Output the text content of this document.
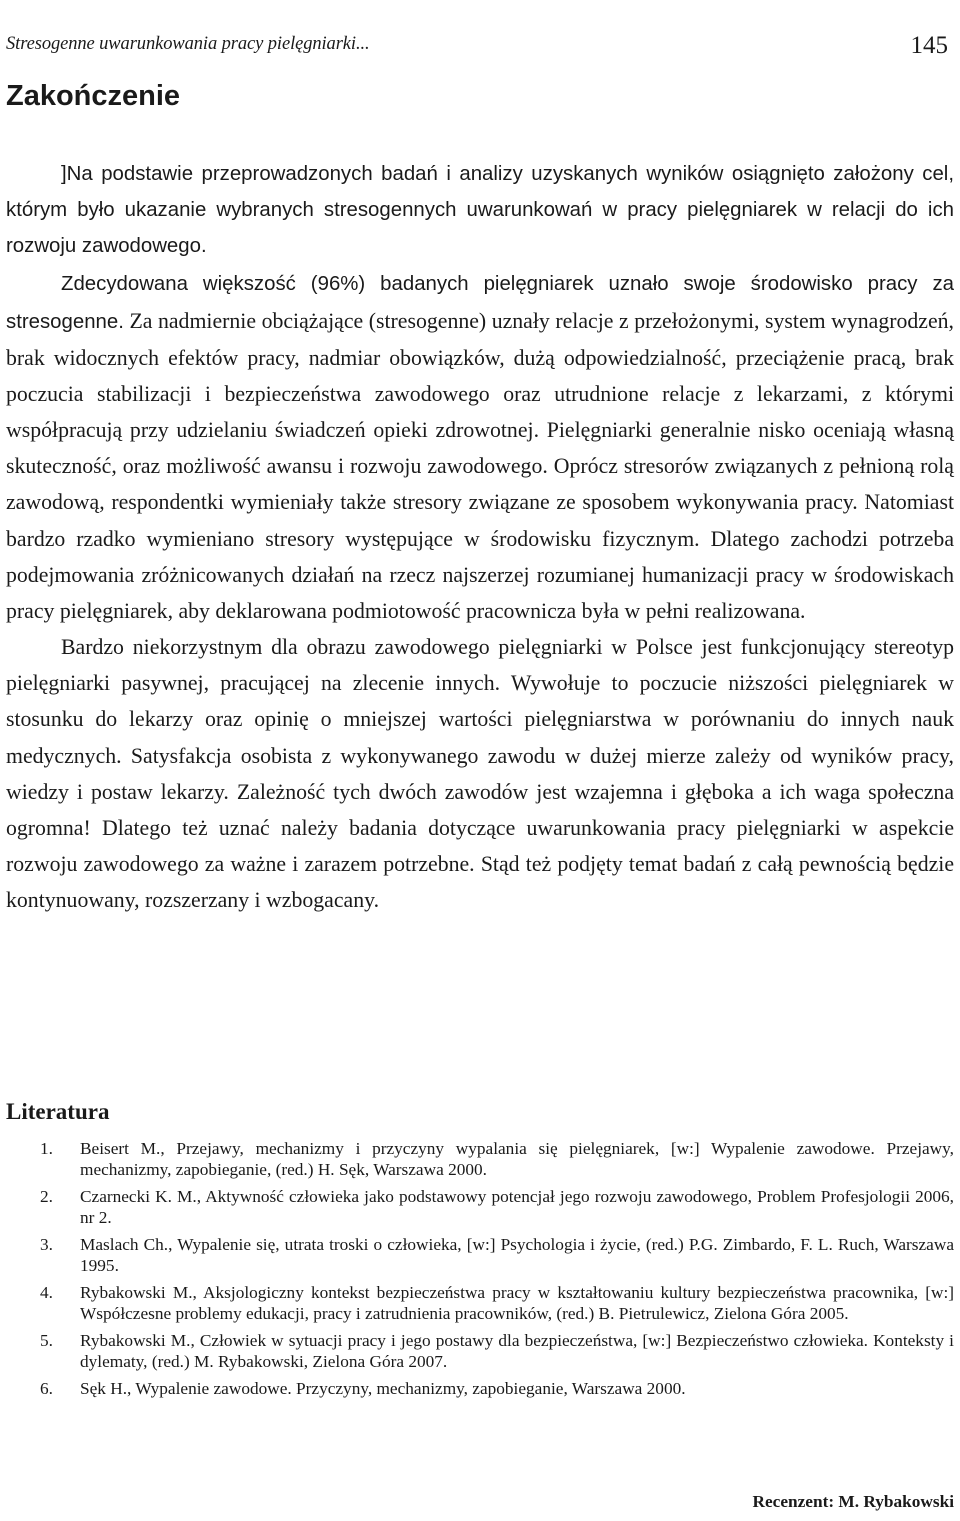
Stresogenne uwarunkowania pracy pielęgniarki...	145
Zakończenie

]Na podstawie przeprowadzonych badań i analizy uzyskanych wyników osiągnięto założony cel, którym było ukazanie wybranych stresogennych uwarunkowań w pracy pielęgniarek w relacji do ich rozwoju zawodowego.

Zdecydowana większość (96%) badanych pielęgniarek uznało swoje środowisko pracy za stresogenne. Za nadmiernie obciążające (stresogenne) uznały relacje z przełożonymi, system wynagrodzeń, brak widocznych efektów pracy, nadmiar obowiązków, dużą odpowiedzialność, przeciążenie pracą, brak poczucia stabilizacji i bezpieczeństwa zawodowego oraz utrudnione relacje z lekarzami, z którymi współpracują przy udzielaniu świadczeń opieki zdrowotnej. Pielęgniarki generalnie nisko oceniają własną skuteczność, oraz możliwość awansu i rozwoju zawodowego. Oprócz stresorów związanych z pełnioną rolą zawodową, respondentki wymieniały także stresory związane ze sposobem wykonywania pracy. Natomiast bardzo rzadko wymieniano stresory występujące w środowisku fizycznym. Dlatego zachodzi potrzeba podejmowania zróżnicowanych działań na rzecz najszerzej rozumianej humanizacji pracy w środowiskach pracy pielęgniarek, aby deklarowana podmiotowość pracownicza była w pełni realizowana.

Bardzo niekorzystnym dla obrazu zawodowego pielęgniarki w Polsce jest funkcjonujący stereotyp pielęgniarki pasywnej, pracującej na zlecenie innych. Wywołuje to poczucie niższości pielęgniarek w stosunku do lekarzy oraz opinię o mniejszej wartości pielęgniarstwa w porównaniu do innych nauk medycznych. Satysfakcja osobista z wykonywanego zawodu w dużej mierze zależy od wyników pracy, wiedzy i postaw lekarzy. Zależność tych dwóch zawodów jest wzajemna i głęboka a ich waga społeczna ogromna! Dlatego też uznać należy badania dotyczące uwarunkowania pracy pielęgniarki w aspekcie rozwoju zawodowego za ważne i zarazem potrzebne. Stąd też podjęty temat badań z całą pewnością będzie kontynuowany, rozszerzany i wzbogacany.

Literatura
1. Beisert M., Przejawy, mechanizmy i przyczyny wypalania się pielęgniarek, [w:] Wypalenie zawodowe. Przejawy, mechanizmy, zapobieganie, (red.) H. Sęk, Warszawa 2000.
2. Czarnecki K. M., Aktywność człowieka jako podstawowy potencjał jego rozwoju zawodowego, Problem Profesjologii 2006, nr 2.
3. Maslach Ch., Wypalenie się, utrata troski o człowieka, [w:] Psychologia i życie, (red.) P.G. Zimbardo, F. L. Ruch, Warszawa 1995.
4. Rybakowski M., Aksjologiczny kontekst bezpieczeństwa pracy w kształtowaniu kultury bezpieczeństwa pracownika, [w:] Współczesne problemy edukacji, pracy i zatrudnienia pracowników, (red.) B. Pietrulewicz, Zielona Góra 2005.
5. Rybakowski M., Człowiek w sytuacji pracy i jego postawy dla bezpieczeństwa, [w:] Bezpieczeństwo człowieka. Konteksty i dylematy, (red.) M. Rybakowski, Zielona Góra 2007.
6. Sęk H., Wypalenie zawodowe. Przyczyny, mechanizmy, zapobieganie, Warszawa 2000.
Recenzent: M. Rybakowski
